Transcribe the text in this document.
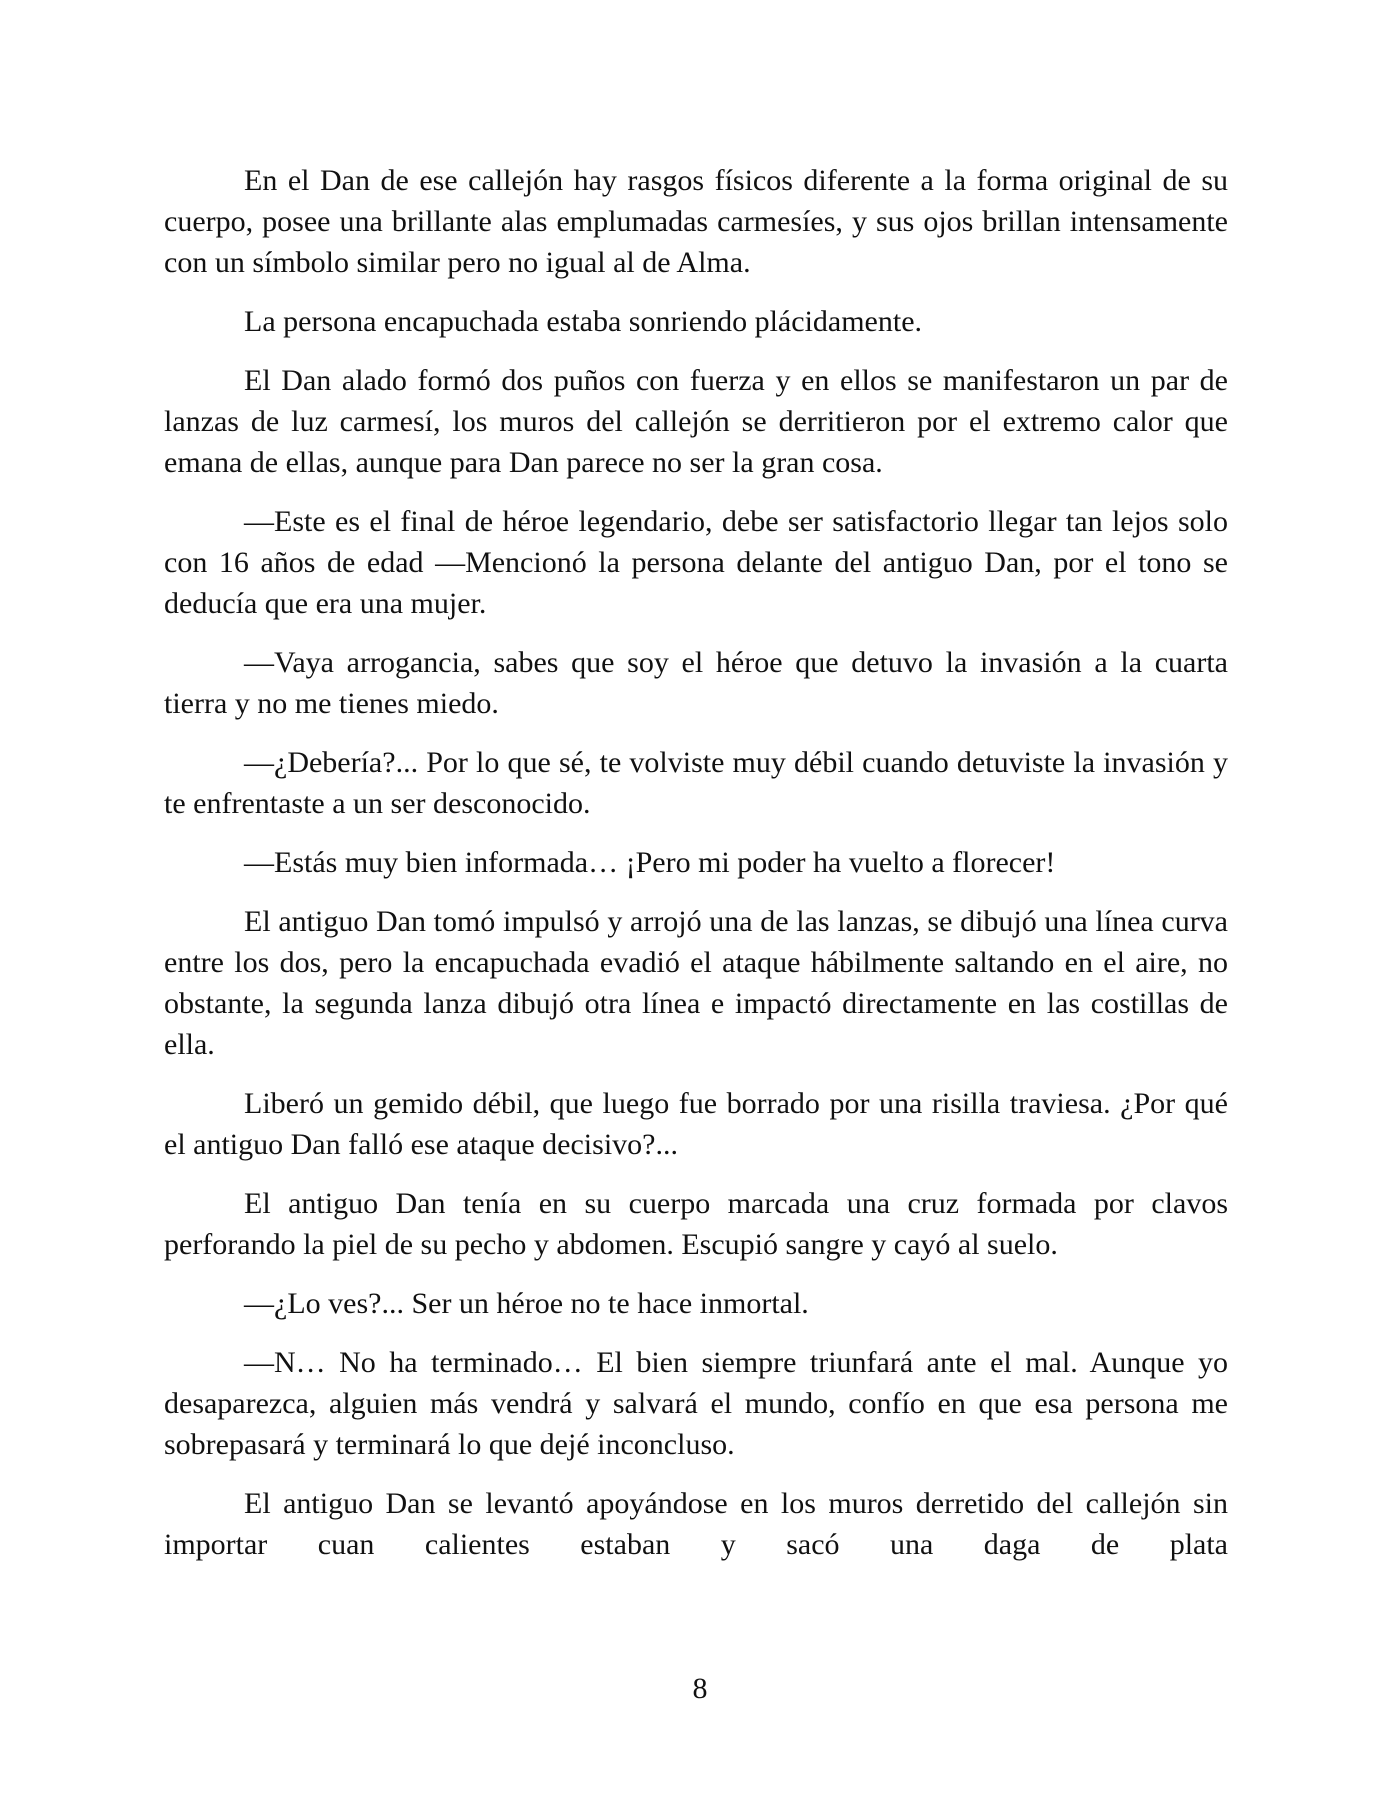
En el Dan de ese callejón hay rasgos físicos diferente a la forma original de su cuerpo, posee una brillante alas emplumadas carmesíes, y sus ojos brillan intensamente con un símbolo similar pero no igual al de Alma.

La persona encapuchada estaba sonriendo plácidamente.

El Dan alado formó dos puños con fuerza y en ellos se manifestaron un par de lanzas de luz carmesí, los muros del callejón se derritieron por el extremo calor que emana de ellas, aunque para Dan parece no ser la gran cosa.

—Este es el final de héroe legendario, debe ser satisfactorio llegar tan lejos solo con 16 años de edad —Mencionó la persona delante del antiguo Dan, por el tono se deducía que era una mujer.

—Vaya arrogancia, sabes que soy el héroe que detuvo la invasión a la cuarta tierra y no me tienes miedo.

—¿Debería?... Por lo que sé, te volviste muy débil cuando detuviste la invasión y te enfrentaste a un ser desconocido.

—Estás muy bien informada… ¡Pero mi poder ha vuelto a florecer!

El antiguo Dan tomó impulsó y arrojó una de las lanzas, se dibujó una línea curva entre los dos, pero la encapuchada evadió el ataque hábilmente saltando en el aire, no obstante, la segunda lanza dibujó otra línea e impactó directamente en las costillas de ella.

Liberó un gemido débil, que luego fue borrado por una risilla traviesa. ¿Por qué el antiguo Dan falló ese ataque decisivo?...

El antiguo Dan tenía en su cuerpo marcada una cruz formada por clavos perforando la piel de su pecho y abdomen. Escupió sangre y cayó al suelo.

—¿Lo ves?... Ser un héroe no te hace inmortal.

—N… No ha terminado… El bien siempre triunfará ante el mal. Aunque yo desaparezca, alguien más vendrá y salvará el mundo, confío en que esa persona me sobrepasará y terminará lo que dejé inconcluso.

El antiguo Dan se levantó apoyándose en los muros derretido del callejón sin importar cuan calientes estaban y sacó una daga de plata

8
